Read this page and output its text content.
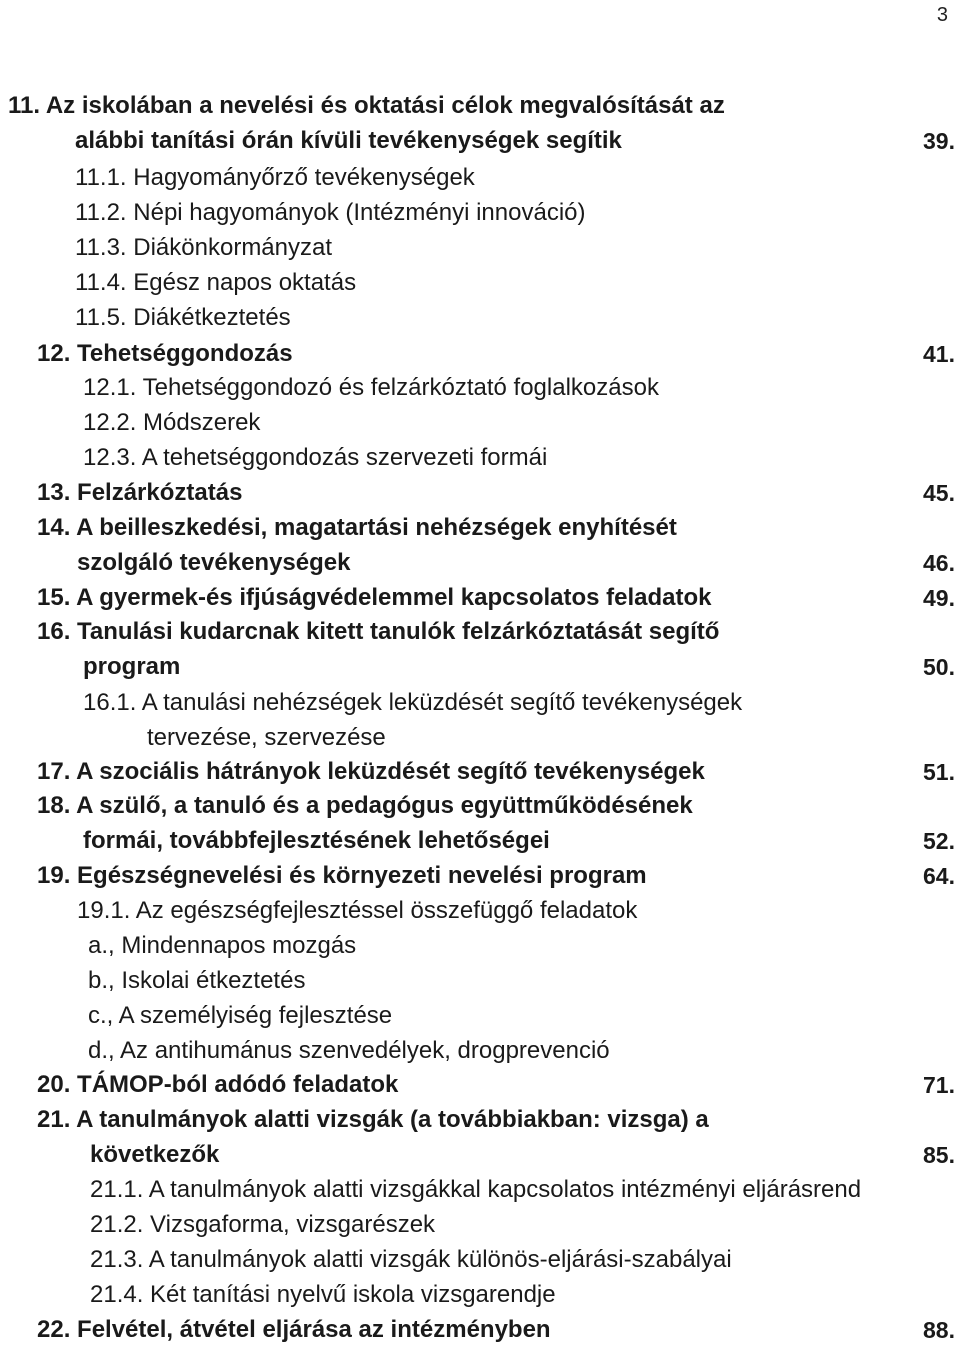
3
11. Az iskolában a nevelési és oktatási célok megvalósítását az
alábbi tanítási órán kívüli tevékenységek segítik	39.
11.1. Hagyományőrző tevékenységek
11.2. Népi hagyományok (Intézményi innováció)
11.3. Diákönkormányzat
11.4. Egész napos oktatás
11.5. Diákétkeztetés
12. Tehetséggondozás	41.
12.1. Tehetséggondozó és felzárkóztató foglalkozások
12.2. Módszerek
12.3. A tehetséggondozás szervezeti formái
13. Felzárkóztatás	45.
14. A beilleszkedési, magatartási nehézségek enyhítését
szolgáló tevékenységek	46.
15. A gyermek-és ifjúságvédelemmel kapcsolatos feladatok	49.
16. Tanulási kudarcnak kitett tanulók felzárkóztatását segítő
program	50.
16.1. A tanulási nehézségek leküzdését segítő tevékenységek
tervezése, szervezése
17. A szociális hátrányok leküzdését segítő tevékenységek	51.
18. A szülő, a tanuló és a pedagógus együttműködésének
formái, továbbfejlesztésének lehetőségei	52.
19. Egészségnevelési és környezeti nevelési program	64.
19.1. Az egészségfejlesztéssel összefüggő feladatok
a., Mindennapos mozgás
b., Iskolai étkeztetés
c., A személyiség fejlesztése
d., Az antihumánus szenvedélyek, drogprevenció
20. TÁMOP-ból adódó feladatok	71.
21. A tanulmányok alatti vizsgák (a továbbiakban: vizsga) a
következők	85.
21.1. A tanulmányok alatti vizsgákkal kapcsolatos intézményi eljárásrend
21.2. Vizsgaforma, vizsgarészek
21.3. A tanulmányok alatti vizsgák különös-eljárási-szabályai
21.4. Két tanítási nyelvű iskola vizsgarendje
22. Felvétel, átvétel eljárása az intézményben	88.
